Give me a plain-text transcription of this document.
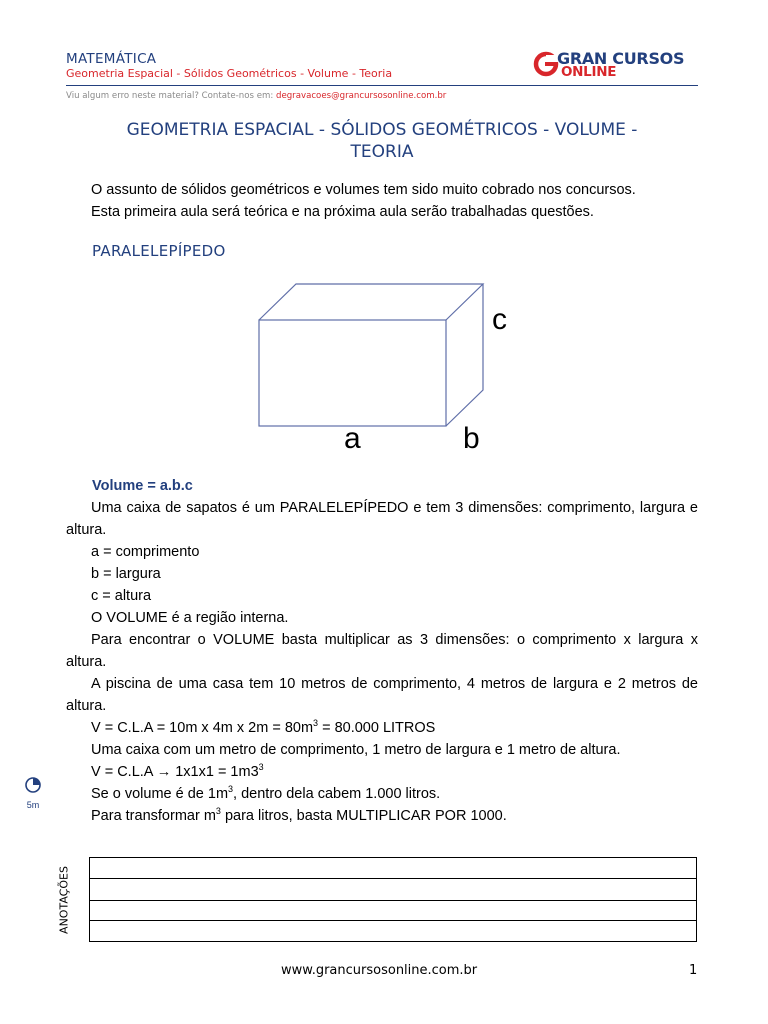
MATEMÁTICA
Geometria Espacial - Sólidos Geométricos - Volume - Teoria
Viu algum erro neste material? Contate-nos em: degravacoes@grancursosonline.com.br
GRAN CURSOS
ONLINE
GEOMETRIA ESPACIAL - SÓLIDOS GEOMÉTRICOS - VOLUME -
TEORIA
O assunto de sólidos geométricos e volumes tem sido muito cobrado nos concursos.
Esta primeira aula será teórica e na próxima aula serão trabalhadas questões.
PARALELEPÍPEDO
a	b
c
Volume = a.b.c
Uma caixa de sapatos é um PARALELEPÍPEDO e tem 3 dimensões: comprimento, largura e altura.
a = comprimento
b = largura
c = altura
O VOLUME é a região interna.
Para encontrar o VOLUME basta multiplicar as 3 dimensões: o comprimento x largura x altura.
A piscina de uma casa tem 10 metros de comprimento, 4 metros de largura e 2 metros de altura.
V = C.L.A = 10m x 4m x $2m = 80m^3 = 80.000$ LITROS
Uma caixa com um metro de comprimento, 1 metro de largura e 1 metro de altura.
$V = C.L.A \to 1x1x1 = 1m3^3$
Se o volume é de $1m^3$, dentro dela cabem 1.000 litros.
Para transformar $m^3$ para litros, basta MULTIPLICAR POR 1000.
5m
ANOTAÇÕES
www.grancursosonline.com.br	1
